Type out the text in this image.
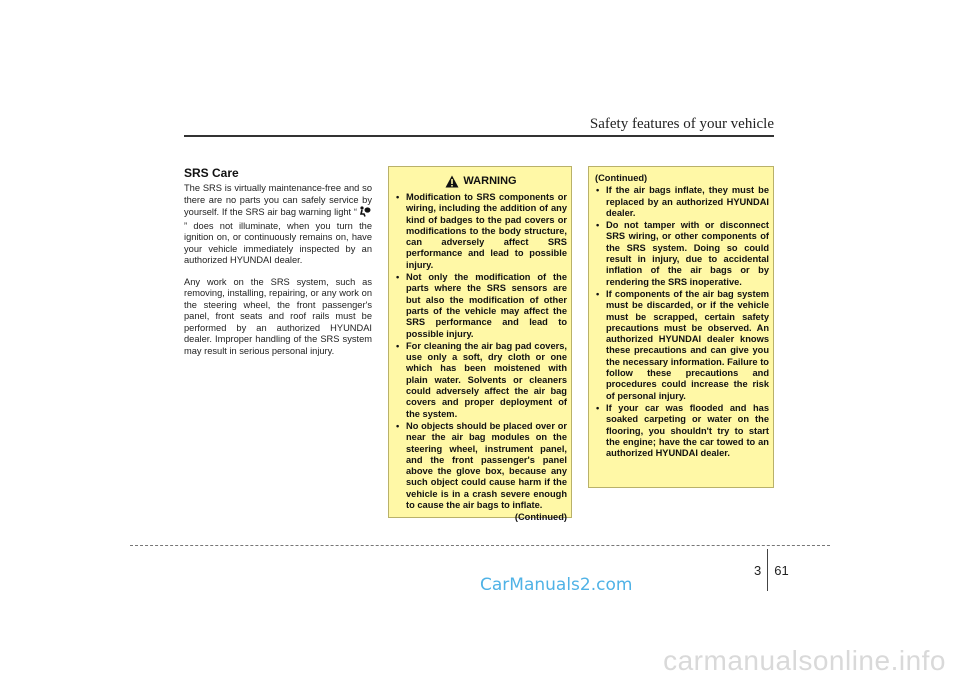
Safety features of your vehicle
SRS Care

The SRS is virtually maintenance-free and so there are no parts you can safely service by yourself. If the SRS air bag warning light “” does not illuminate, when you turn the ignition on, or continuously remains on, have your vehicle immediately inspected by an authorized HYUNDAI dealer.

Any work on the SRS system, such as removing, installing, repairing, or any work on the steering wheel, the front passenger's panel, front seats and roof rails must be performed by an authorized HYUNDAI dealer. Improper handling of the SRS system may result in serious personal injury.

WARNING
• Modification to SRS components or wiring, including the addition of any kind of badges to the pad covers or modifications to the body structure, can adversely affect SRS performance and lead to possible injury.
• Not only the modification of the parts where the SRS sensors are but also the modification of other parts of the vehicle may affect the SRS performance and lead to possible injury.
• For cleaning the air bag pad covers, use only a soft, dry cloth or one which has been moistened with plain water. Solvents or cleaners could adversely affect the air bag covers and proper deployment of the system.
• No objects should be placed over or near the air bag modules on the steering wheel, instrument panel, and the front passenger's panel above the glove box, because any such object could cause harm if the vehicle is in a crash severe enough to cause the air bags to inflate.
(Continued)
(Continued)
• If the air bags inflate, they must be replaced by an authorized HYUNDAI dealer.
• Do not tamper with or disconnect SRS wiring, or other components of the SRS system. Doing so could result in injury, due to accidental inflation of the air bags or by rendering the SRS inoperative.
• If components of the air bag system must be discarded, or if the vehicle must be scrapped, certain safety precautions must be observed. An authorized HYUNDAI dealer knows these precautions and can give you the necessary information. Failure to follow these precautions and procedures could increase the risk of personal injury.
• If your car was flooded and has soaked carpeting or water on the flooring, you shouldn't try to start the engine; have the car towed to an authorized HYUNDAI dealer.
3 61
CarManuals2.com
carmanualsonline.info
